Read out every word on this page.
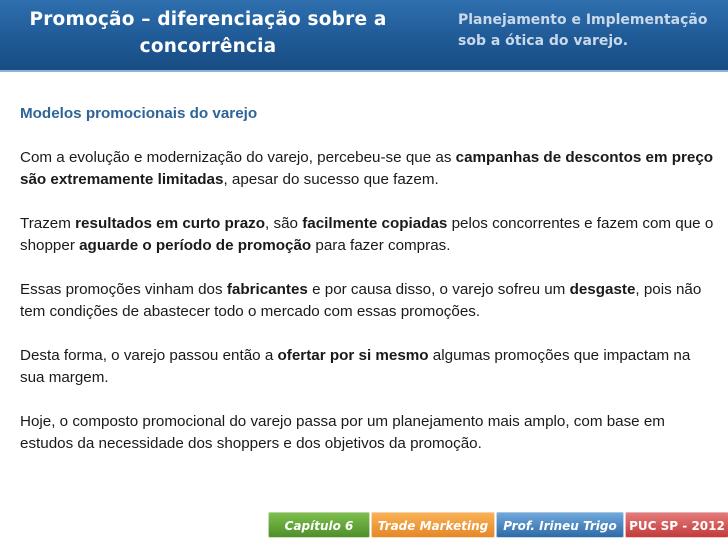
Promoção – diferenciação sobre a concorrência
Planejamento e Implementação sob a ótica do varejo.

Modelos promocionais do varejo

Com a evolução e modernização do varejo, percebeu-se que as campanhas de descontos em preço são extremamente limitadas, apesar do sucesso que fazem.

Trazem resultados em curto prazo, são facilmente copiadas pelos concorrentes e fazem com que o shopper aguarde o período de promoção para fazer compras.

Essas promoções vinham dos fabricantes e por causa disso, o varejo sofreu um desgaste, pois não tem condições de abastecer todo o mercado com essas promoções.

Desta forma, o varejo passou então a ofertar por si mesmo algumas promoções que impactam na sua margem.

Hoje, o composto promocional do varejo passa por um planejamento mais amplo, com base em estudos da necessidade dos shoppers e dos objetivos da promoção.

Capítulo 6	Trade Marketing	Prof. Irineu Trigo	PUC SP - 2012
